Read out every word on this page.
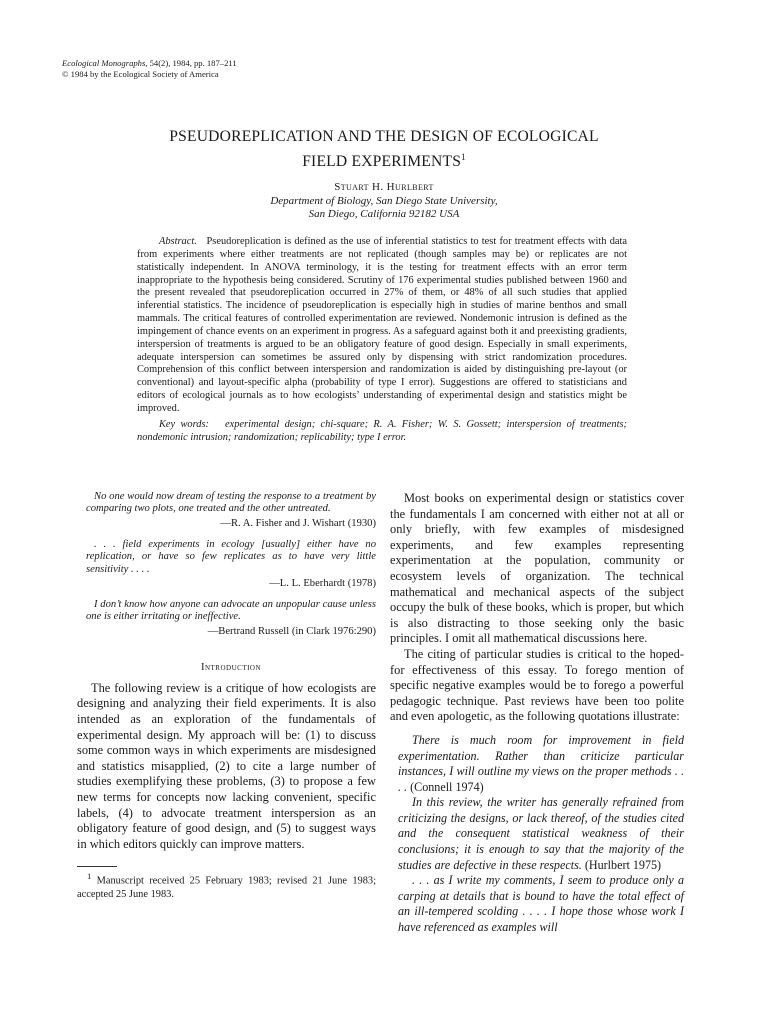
Ecological Monographs, 54(2), 1984, pp. 187–211
© 1984 by the Ecological Society of America
PSEUDOREPLICATION AND THE DESIGN OF ECOLOGICAL
FIELD EXPERIMENTS$^1$
Stuart H. Hurlbert
Department of Biology, San Diego State University,
San Diego, California 92182 USA

Abstract. Pseudoreplication is defined as the use of inferential statistics to test for treatment effects with data from experiments where either treatments are not replicated (though samples may be) or replicates are not statistically independent. In ANOVA terminology, it is the testing for treatment effects with an error term inappropriate to the hypothesis being considered. Scrutiny of 176 experimental studies published between 1960 and the present revealed that pseudoreplication occurred in 27% of them, or 48% of all such studies that applied inferential statistics. The incidence of pseudoreplication is especially high in studies of marine benthos and small mammals. The critical features of controlled experimentation are reviewed. Nondemonic intrusion is defined as the impingement of chance events on an experiment in progress. As a safeguard against both it and preexisting gradients, interspersion of treatments is argued to be an obligatory feature of good design. Especially in small experiments, adequate interspersion can sometimes be assured only by dispensing with strict randomization procedures. Comprehension of this conflict between interspersion and randomization is aided by distinguishing pre-layout (or conventional) and layout-specific alpha (probability of type I error). Suggestions are offered to statisticians and editors of ecological journals as to how ecologists’ understanding of experimental design and statistics might be improved.

Key words: experimental design; chi-square; R. A. Fisher; W. S. Gossett; interspersion of treatments; nondemonic intrusion; randomization; replicability; type I error.

No one would now dream of testing the response to a treatment by comparing two plots, one treated and the other untreated.

—R. A. Fisher and J. Wishart (1930)

. . . field experiments in ecology [usually] either have no replication, or have so few replicates as to have very little sensitivity . . . .

—L. L. Eberhardt (1978)

I don’t know how anyone can advocate an unpopular cause unless one is either irritating or ineffective.

—Bertrand Russell (in Clark 1976:290)
Introduction

The following review is a critique of how ecologists are designing and analyzing their field experiments. It is also intended as an exploration of the fundamentals of experimental design. My approach will be: (1) to discuss some common ways in which experiments are misdesigned and statistics misapplied, (2) to cite a large number of studies exemplifying these problems, (3) to propose a few new terms for concepts now lacking convenient, specific labels, (4) to advocate treatment interspersion as an obligatory feature of good design, and (5) to suggest ways in which editors quickly can improve matters.

$^1$ Manuscript received 25 February 1983; revised 21 June 1983; accepted 25 June 1983.

Most books on experimental design or statistics cover the fundamentals I am concerned with either not at all or only briefly, with few examples of misdesigned experiments, and few examples representing experimentation at the population, community or ecosystem levels of organization. The technical mathematical and mechanical aspects of the subject occupy the bulk of these books, which is proper, but which is also distracting to those seeking only the basic principles. I omit all mathematical discussions here.

The citing of particular studies is critical to the hoped-for effectiveness of this essay. To forego mention of specific negative examples would be to forego a powerful pedagogic technique. Past reviews have been too polite and even apologetic, as the following quotations illustrate:

There is much room for improvement in field experimentation. Rather than criticize particular instances, I will outline my views on the proper methods . . . . (Connell 1974)

In this review, the writer has generally refrained from criticizing the designs, or lack thereof, of the studies cited and the consequent statistical weakness of their conclusions; it is enough to say that the majority of the studies are defective in these respects. (Hurlbert 1975)

. . . as I write my comments, I seem to produce only a carping at details that is bound to have the total effect of an ill-tempered scolding . . . . I hope those whose work I have referenced as examples will
